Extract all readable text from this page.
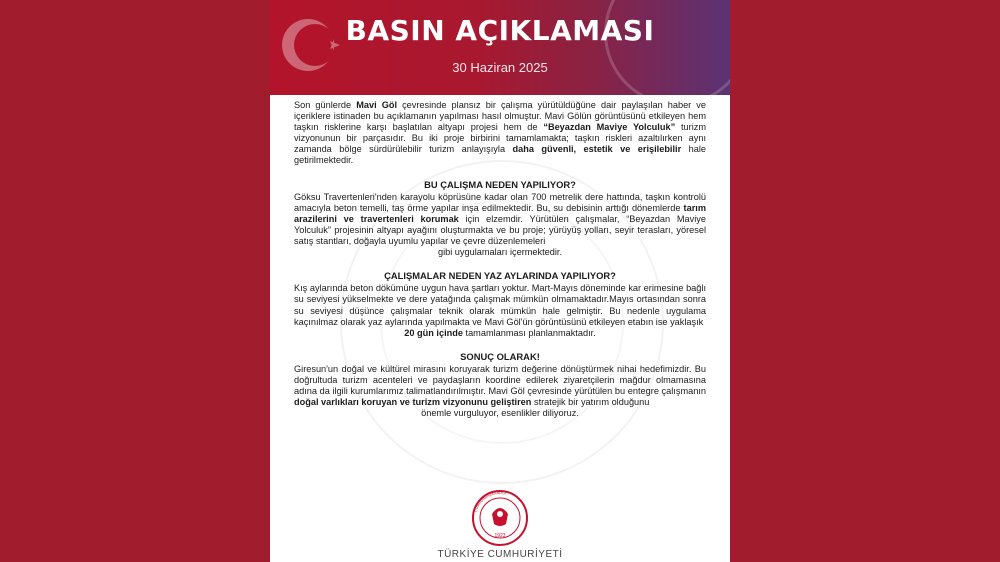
BASIN AÇIKLAMASI
30 Haziran 2025

Son günlerde Mavi Göl çevresinde plansız bir çalışma yürütüldüğüne dair paylaşılan haber ve içeriklere istinaden bu açıklamanın yapılması hasıl olmuştur. Mavi Gölün görüntüsünü etkileyen hem taşkın risklerine karşı başlatılan altyapı projesi hem de “Beyazdan Maviye Yolculuk” turizm vizyonunun bir parçasıdır. Bu iki proje birbirini tamamlamakta; taşkın riskleri azaltılırken aynı zamanda bölge sürdürülebilir turizm anlayışıyla daha güvenli, estetik ve erişilebilir hale getirilmektedir.

BU ÇALIŞMA NEDEN YAPILIYOR?

Göksu Travertenleri'nden karayolu köprüsüne kadar olan 700 metrelik dere hattında, taşkın kontrolü amacıyla beton temelli, taş örme yapılar inşa edilmektedir. Bu, su debisinin arttığı dönemlerde tarım arazilerini ve travertenleri korumak için elzemdir. Yürütülen çalışmalar, “Beyazdan Maviye Yolculuk” projesinin altyapı ayağını oluşturmakta ve bu proje; yürüyüş yolları, seyir terasları, yöresel satış stantları, doğayla uyumlu yapılar ve çevre düzenlemeleri
gibi uygulamaları içermektedir.

ÇALIŞMALAR NEDEN YAZ AYLARINDA YAPILIYOR?

Kış aylarında beton dökümüne uygun hava şartları yoktur. Mart-Mayıs döneminde kar erimesine bağlı su seviyesi yükselmekte ve dere yatağında çalışmak mümkün olmamaktadır.Mayıs ortasından sonra su seviyesi düşünce çalışmalar teknik olarak mümkün hale gelmiştir. Bu nedenle uygulama kaçınılmaz olarak yaz aylarında yapılmakta ve Mavi Göl'ün görüntüsünü etkileyen etabın ise yaklaşık
20 gün içinde tamamlanması planlanmaktadır.

SONUÇ OLARAK!

Giresun'un doğal ve kültürel mirasını koruyarak turizm değerine dönüştürmek nihai hedefimizdir. Bu doğrultuda turizm acenteleri ve paydaşların koordine edilerek ziyaretçilerin mağdur olmamasına adına da ilgili kurumlarımız talimatlandırılmıştır. Mavi Göl çevresinde yürütülen bu entegre çalışmanın doğal varlıkları koruyan ve turizm vizyonunu geliştiren stratejik bir yatırım olduğunu
önemle vurguluyor, esenlikler diliyoruz.

1923
CUMHURBAŞKANLIĞI
TÜRKİYE CUMHURİYETİ
